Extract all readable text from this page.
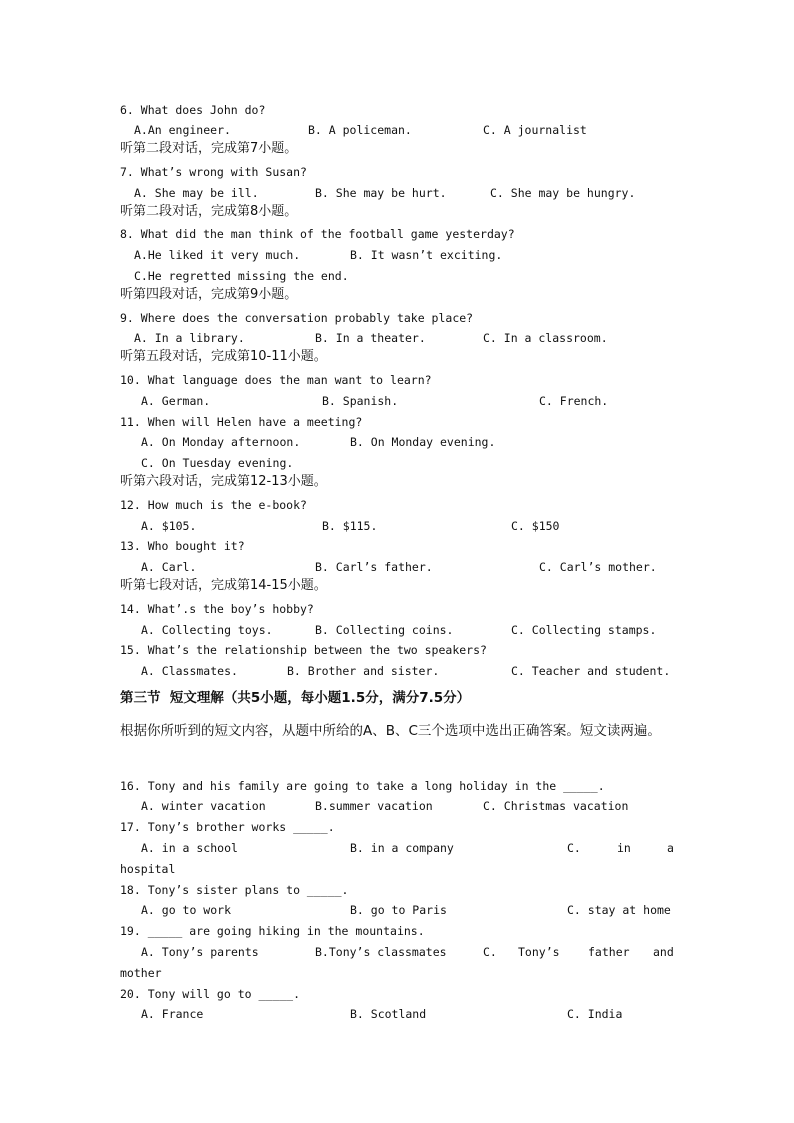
6. What does John do?
A.An engineer.	B. A policeman.	C. A journalist
听第二段对话，完成第7小题。
7. What’s wrong with Susan?
A. She may be ill.	B. She may be hurt.	C. She may be hungry.
听第二段对话，完成第8小题。
8. What did the man think of the football game yesterday?
A.He liked it very much.	B. It wasn’t exciting.
C.He regretted missing the end.
听第四段对话，完成第9小题。
9. Where does the conversation probably take place?
A. In a library.	B. In a theater.	C. In a classroom.
听第五段对话，完成第10-11小题。
10. What language does the man want to learn?
A. German.	B. Spanish.	C. French.
11. When will Helen have a meeting?
A. On Monday afternoon.	B. On Monday evening.
C. On Tuesday evening.
听第六段对话，完成第12-13小题。
12. How much is the e-book?
A. $105.	B. $115.	C. $150
13. Who bought it?
A. Carl.	B. Carl’s father.	C. Carl’s mother.
听第七段对话，完成第14-15小题。
14. What’.s the boy’s hobby?
A. Collecting toys.	B. Collecting coins.	C. Collecting stamps.
15. What’s the relationship between the two speakers?
A. Classmates.	B. Brother and sister.	C. Teacher and student.
第三节  短文理解（共5小题，每小题1.5分，满分7.5分）
根据你所听到的短文内容，从题中所给的A、B、C三个选项中选出正确答案。短文读两遍。
16. Tony and his family are going to take a long holiday in the _____.
A. winter vacation	B.summer vacation	C. Christmas vacation
17. Tony’s brother works _____.
A. in a school	B. in a company	C.	in	a
hospital
18. Tony’s sister plans to _____.
A. go to work	B. go to Paris	C. stay at home
19. _____ are going hiking in the mountains.
A. Tony’s parents	B.Tony’s classmates	C. Tony’s father and
mother
20. Tony will go to _____.
A. France	B. Scotland	C. India
